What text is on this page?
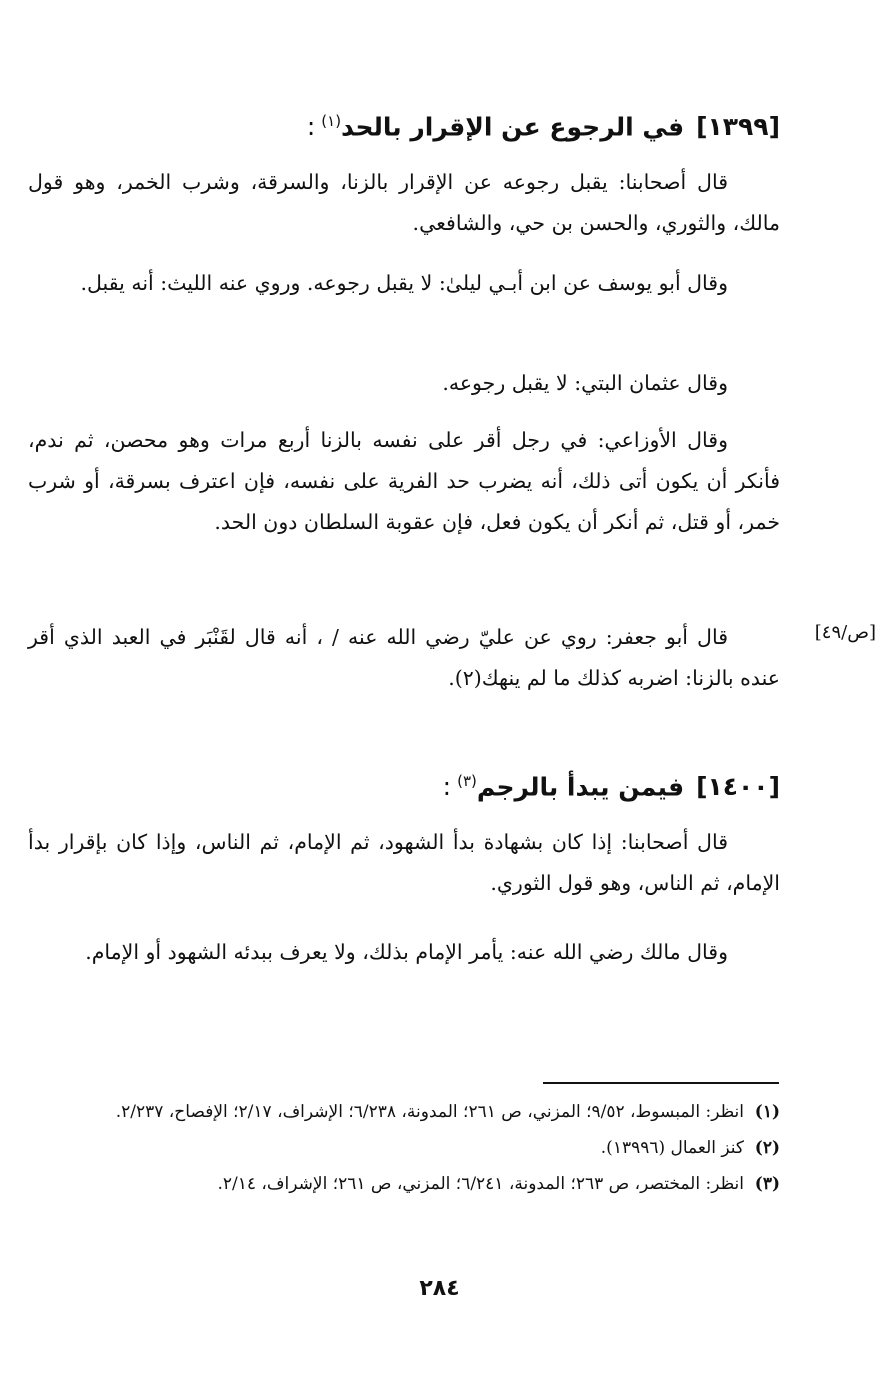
[١٣٩٩]في الرجوع عن الإقرار بالحد$^{(١)}$:
قال أصحابنا: يقبل رجوعه عن الإقرار بالزنا، والسرقة، وشرب الخمر، وهو قول مالك، والثوري، والحسن بن حي، والشافعي.
وقال أبو يوسف عن ابن أبـي ليلىٰ: لا يقبل رجوعه. وروي عنه الليث: أنه يقبل.
وقال عثمان البتي: لا يقبل رجوعه.
وقال الأوزاعي: في رجل أقر على نفسه بالزنا أربع مرات وهو محصن، ثم ندم، فأنكر أن يكون أتى ذلك، أنه يضرب حد الفرية على نفسه، فإن اعترف بسرقة، أو شرب خمر، أو قتل، ثم أنكر أن يكون فعل، فإن عقوبة السلطان دون الحد.
[ص/٤٩]
قال أبو جعفر: روي عن عليّ رضي الله عنه / ، أنه قال لقَنْبَر في العبد الذي أقر عنده بالزنا: اضربه كذلك ما لم ينهك(٢).
[١٤٠٠]فيمن يبدأ بالرجم$^{(٣)}$:
قال أصحابنا: إذا كان بشهادة بدأ الشهود، ثم الإمام، ثم الناس، وإذا كان بإقرار بدأ الإمام، ثم الناس، وهو قول الثوري.
وقال مالك رضي الله عنه: يأمر الإمام بذلك، ولا يعرف ببدئه الشهود أو الإمام.
(١)
انظر: المبسوط، ٩/٥٢؛ المزني، ص ٢٦١؛ المدونة، ٦/٢٣٨؛ الإشراف، ٢/١٧؛ الإفصاح، ٢/٢٣٧.
(٢)
كنز العمال (١٣٩٩٦).
(٣)
انظر: المختصر، ص ٢٦٣؛ المدونة، ٦/٢٤١؛ المزني، ص ٢٦١؛ الإشراف، ٢/١٤.
٢٨٤
